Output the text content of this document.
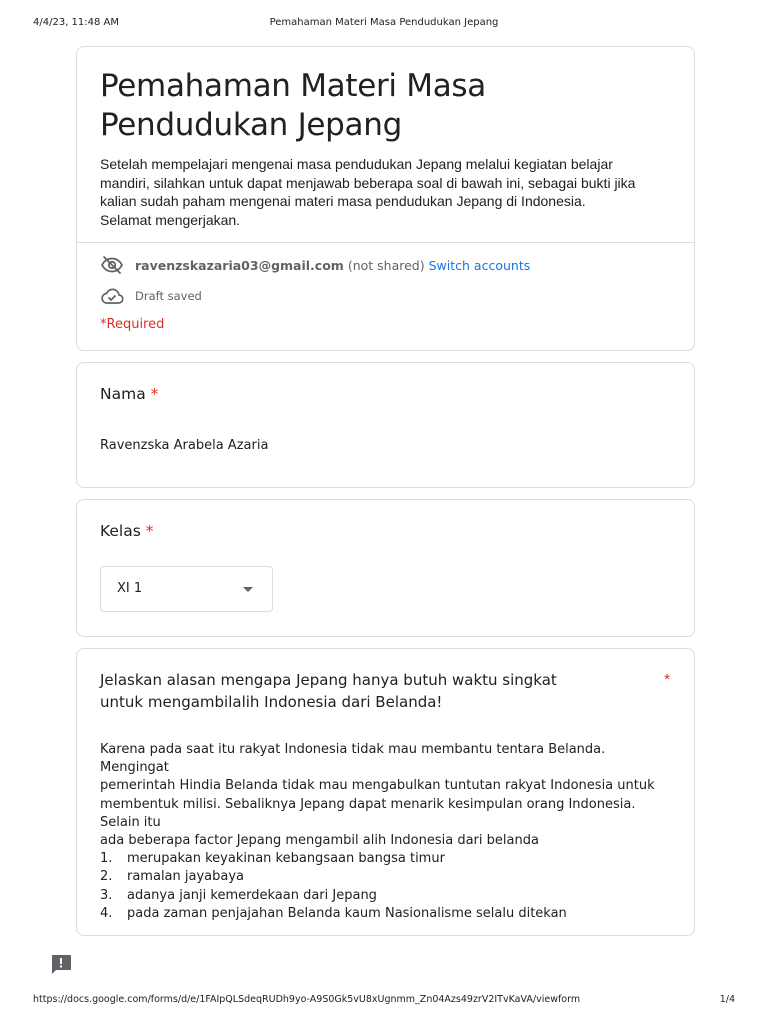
4/4/23, 11:48 AM	Pemahaman Materi Masa Pendudukan Jepang
Pemahaman Materi Masa Pendudukan Jepang
Setelah mempelajari mengenai masa pendudukan Jepang melalui kegiatan belajar
mandiri, silahkan untuk dapat menjawab beberapa soal di bawah ini, sebagai bukti jika
kalian sudah paham mengenai materi masa pendudukan Jepang di Indonesia.
Selamat mengerjakan.
ravenzskazaria03@gmail.com (not shared) Switch accounts
Draft saved
*Required
Nama *
Ravenzska Arabela Azaria
Kelas *
XI 1
Jelaskan alasan mengapa Jepang hanya butuh waktu singkat untuk mengambilalih Indonesia dari Belanda!
*
Karena pada saat itu rakyat Indonesia tidak mau membantu tentara Belanda. Mengingat
pemerintah Hindia Belanda tidak mau mengabulkan tuntutan rakyat Indonesia untuk
membentuk milisi. Sebaliknya Jepang dapat menarik kesimpulan orang Indonesia. Selain itu
ada beberapa factor Jepang mengambil alih Indonesia dari belanda
1.	merupakan keyakinan kebangsaan bangsa timur
2.	ramalan jayabaya
3.	adanya janji kemerdekaan dari Jepang
4.	pada zaman penjajahan Belanda kaum Nasionalisme selalu ditekan
https://docs.google.com/forms/d/e/1FAIpQLSdeqRUDh9yo-A9S0Gk5vU8xUgnmm_Zn04Azs49zrV2ITvKaVA/viewform	1/4
